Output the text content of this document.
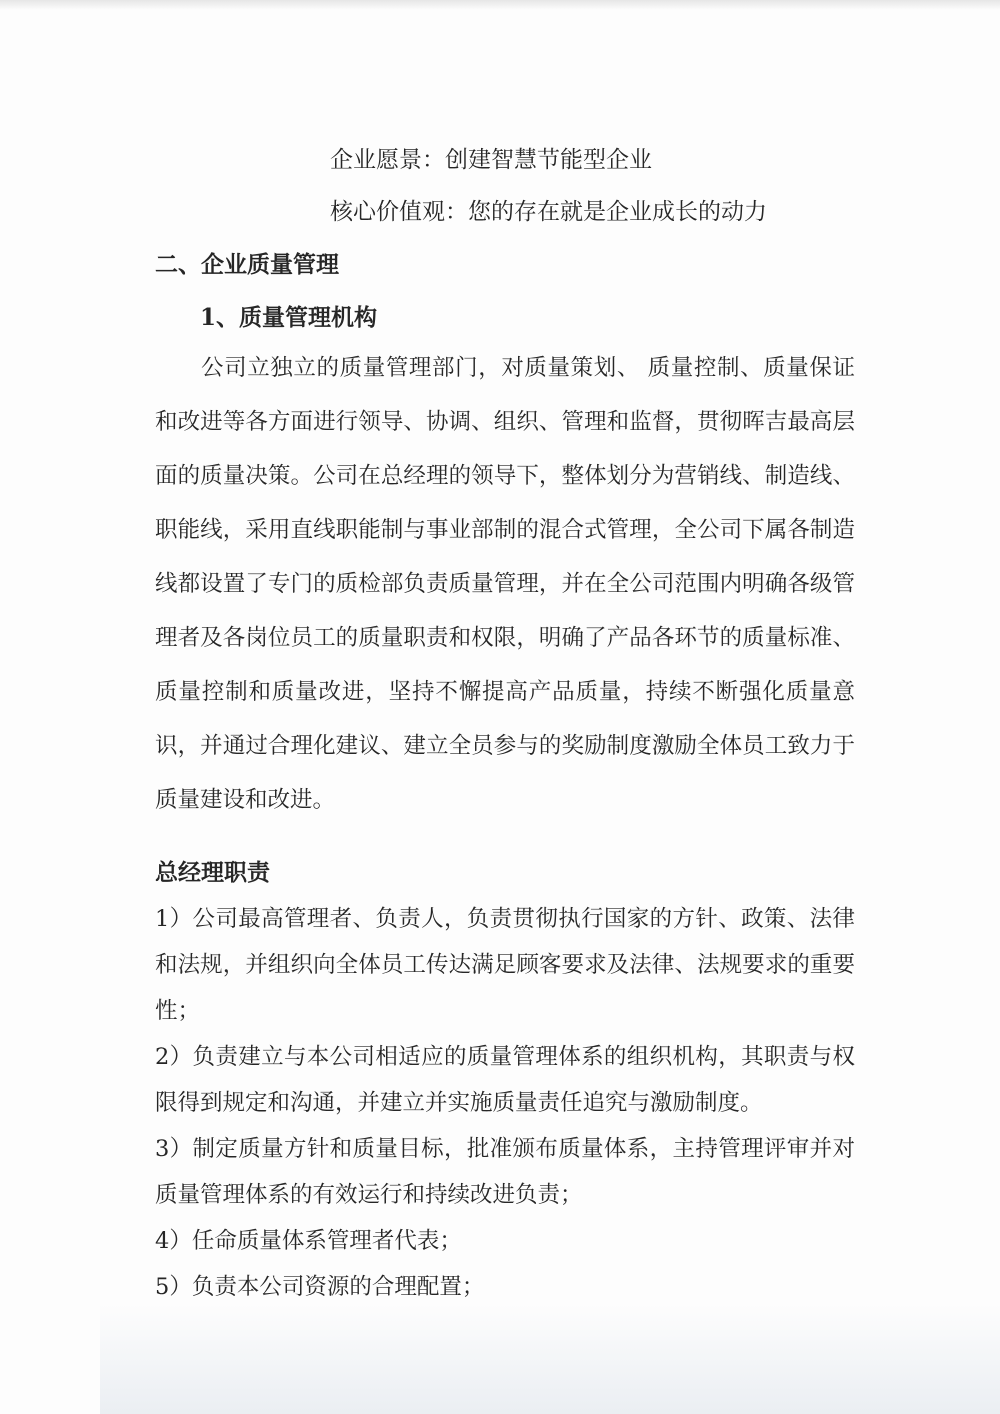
企业愿景：创建智慧节能型企业
核心价值观：您的存在就是企业成长的动力
二、企业质量管理
1、质量管理机构

公司立独立的质量管理部门，对质量策划、 质量控制、质量保证和改进等各方面进行领导、协调、组织、管理和监督，贯彻晖吉最高层面的质量决策。公司在总经理的领导下，整体划分为营销线、制造线、职能线，采用直线职能制与事业部制的混合式管理，全公司下属各制造线都设置了专门的质检部负责质量管理，并在全公司范围内明确各级管理者及各岗位员工的质量职责和权限，明确了产品各环节的质量标准、质量控制和质量改进，坚持不懈提高产品质量，持续不断强化质量意识，并通过合理化建议、建立全员参与的奖励制度激励全体员工致力于质量建设和改进。

总经理职责

1）公司最高管理者、负责人，负责贯彻执行国家的方针、政策、法律和法规，并组织向全体员工传达满足顾客要求及法律、法规要求的重要性；

2）负责建立与本公司相适应的质量管理体系的组织机构，其职责与权限得到规定和沟通，并建立并实施质量责任追究与激励制度。

3）制定质量方针和质量目标，批准颁布质量体系，主持管理评审并对质量管理体系的有效运行和持续改进负责；

4）任命质量体系管理者代表；

5）负责本公司资源的合理配置；
